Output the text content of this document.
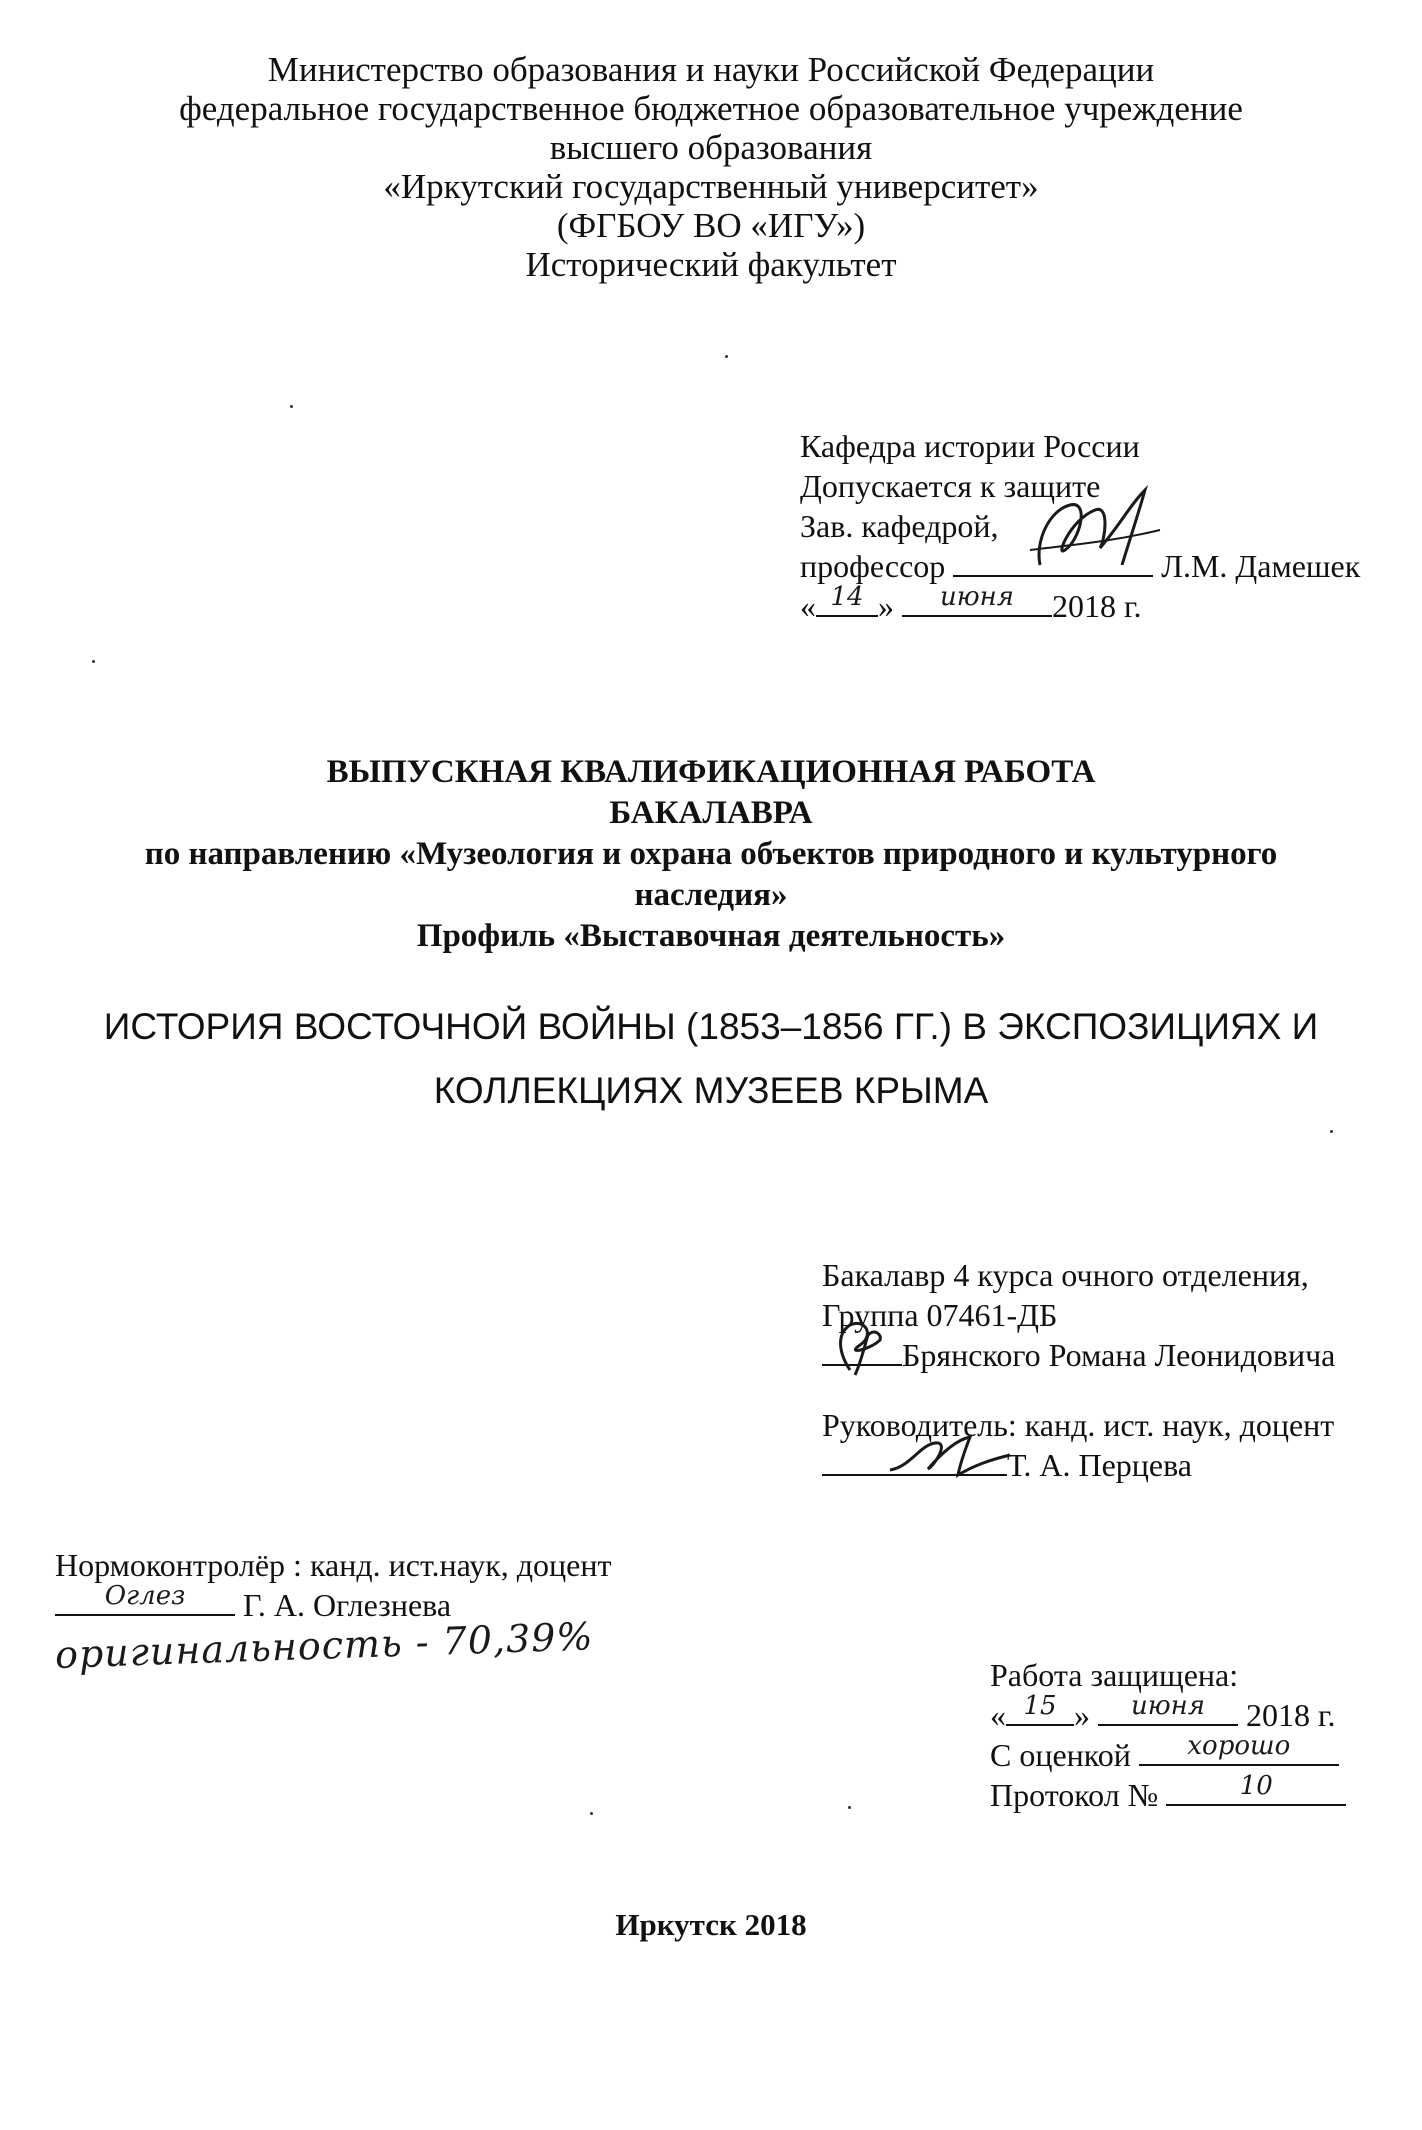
Министерство образования и науки Российской Федерации
федеральное государственное бюджетное образовательное учреждение
высшего образования
«Иркутский государственный университет»
(ФГБОУ ВО «ИГУ»)
Исторический факультет
Кафедра истории России
Допускается к защите
Зав. кафедрой,
профессор	Л.М. Дамешек
« 14 »	июня	2018 г.
ВЫПУСКНАЯ КВАЛИФИКАЦИОННАЯ РАБОТА
БАКАЛАВРА
по направлению «Музеология и охрана объектов природного и культурного
наследия»
Профиль «Выставочная деятельность»
ИСТОРИЯ ВОСТОЧНОЙ ВОЙНЫ (1853–1856 ГГ.) В ЭКСПОЗИЦИЯХ И
КОЛЛЕКЦИЯХ МУЗЕЕВ КРЫМА
Бакалавр 4 курса очного отделения,
Группа 07461-ДБ
Брянского Романа Леонидовича
Руководитель: канд. ист. наук, доцент
Т. А. Перцева
Нормоконтролёр : канд. ист.наук, доцент
Оглез	Г. А. Оглезнева
оригинальность - 70,39%	Работа защищена:
« 15 »	июня	2018 г.
С оценкой	хорошо
Протокол №	10
Иркутск 2018
